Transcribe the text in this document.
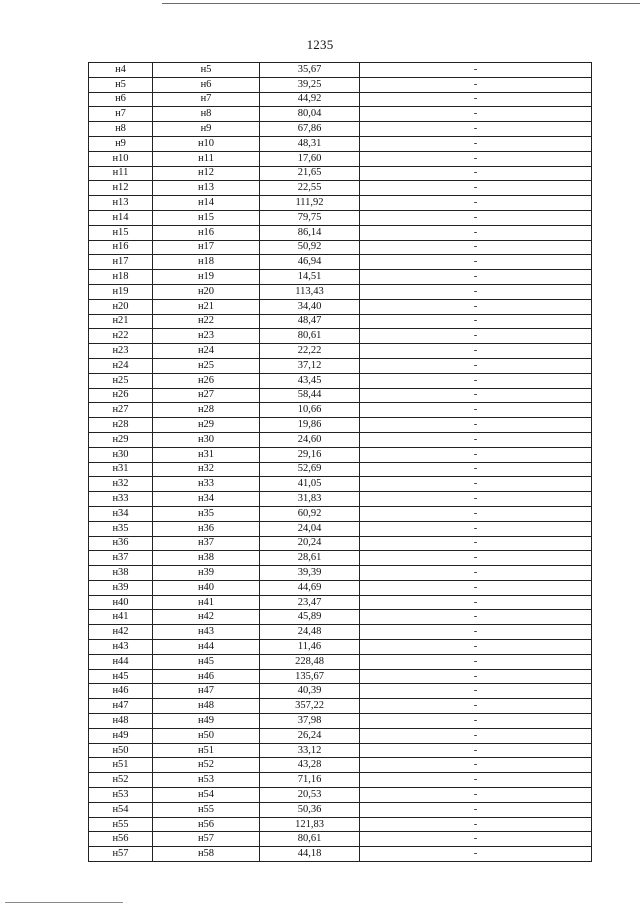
1235
н4	н5	35,67	-
н5	н6	39,25	-
н6	н7	44,92	-
н7	н8	80,04	-
н8	н9	67,86	-
н9	н10	48,31	-
н10	н11	17,60	-
н11	н12	21,65	-
н12	н13	22,55	-
н13	н14	111,92	-
н14	н15	79,75	-
н15	н16	86,14	-
н16	н17	50,92	-
н17	н18	46,94	-
н18	н19	14,51	-
н19	н20	113,43	-
н20	н21	34,40	-
н21	н22	48,47	-
н22	н23	80,61	-
н23	н24	22,22	-
н24	н25	37,12	-
н25	н26	43,45	-
н26	н27	58,44	-
н27	н28	10,66	-
н28	н29	19,86	-
н29	н30	24,60	-
н30	н31	29,16	-
н31	н32	52,69	-
н32	н33	41,05	-
н33	н34	31,83	-
н34	н35	60,92	-
н35	н36	24,04	-
н36	н37	20,24	-
н37	н38	28,61	-
н38	н39	39,39	-
н39	н40	44,69	-
н40	н41	23,47	-
н41	н42	45,89	-
н42	н43	24,48	-
н43	н44	11,46	-
н44	н45	228,48	-
н45	н46	135,67	-
н46	н47	40,39	-
н47	н48	357,22	-
н48	н49	37,98	-
н49	н50	26,24	-
н50	н51	33,12	-
н51	н52	43,28	-
н52	н53	71,16	-
н53	н54	20,53	-
н54	н55	50,36	-
н55	н56	121,83	-
н56	н57	80,61	-
н57	н58	44,18	-
